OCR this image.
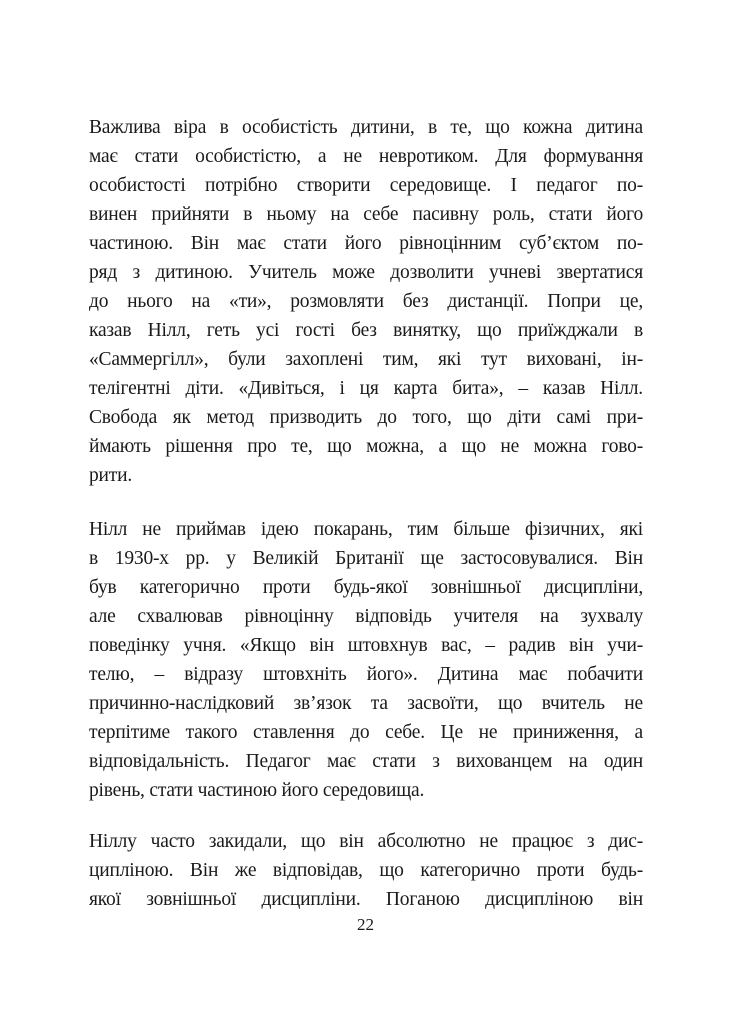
Важлива віра в особистість дитини, в те, що кожна дитина
має стати особистістю, а не невротиком. Для формування
особистості потрібно створити середовище. І педагог по-
винен прийняти в ньому на себе пасивну роль, стати його
частиною. Він має стати його рівноцінним суб’єктом по-
ряд з дитиною. Учитель може дозволити учневі звертатися
до нього на «ти», розмовляти без дистанції. Попри це,
казав Нілл, геть усі гості без винятку, що приїжджали в
«Саммергілл», були захоплені тим, які тут виховані, ін-
телігентні діти. «Дивіться, і ця карта бита», – казав Нілл.
Свобода як метод призводить до того, що діти самі при-
ймають рішення про те, що можна, а що не можна гово-
рити.

Нілл не приймав ідею покарань, тим більше фізичних, які
в 1930-х рр. у Великій Британії ще застосовувалися. Він
був категорично проти будь-якої зовнішньої дисципліни,
але схвалював рівноцінну відповідь учителя на зухвалу
поведінку учня. «Якщо він штовхнув вас, – радив він учи-
телю, – відразу штовхніть його». Дитина має побачити
причинно-наслідковий зв’язок та засвоїти, що вчитель не
терпітиме такого ставлення до себе. Це не приниження, а
відповідальність. Педагог має стати з вихованцем на один
рівень, стати частиною його середовища.

Ніллу часто закидали, що він абсолютно не працює з дис-
ципліною. Він же відповідав, що категорично проти будь-
якої зовнішньої дисципліни. Поганою дисципліною він

22
